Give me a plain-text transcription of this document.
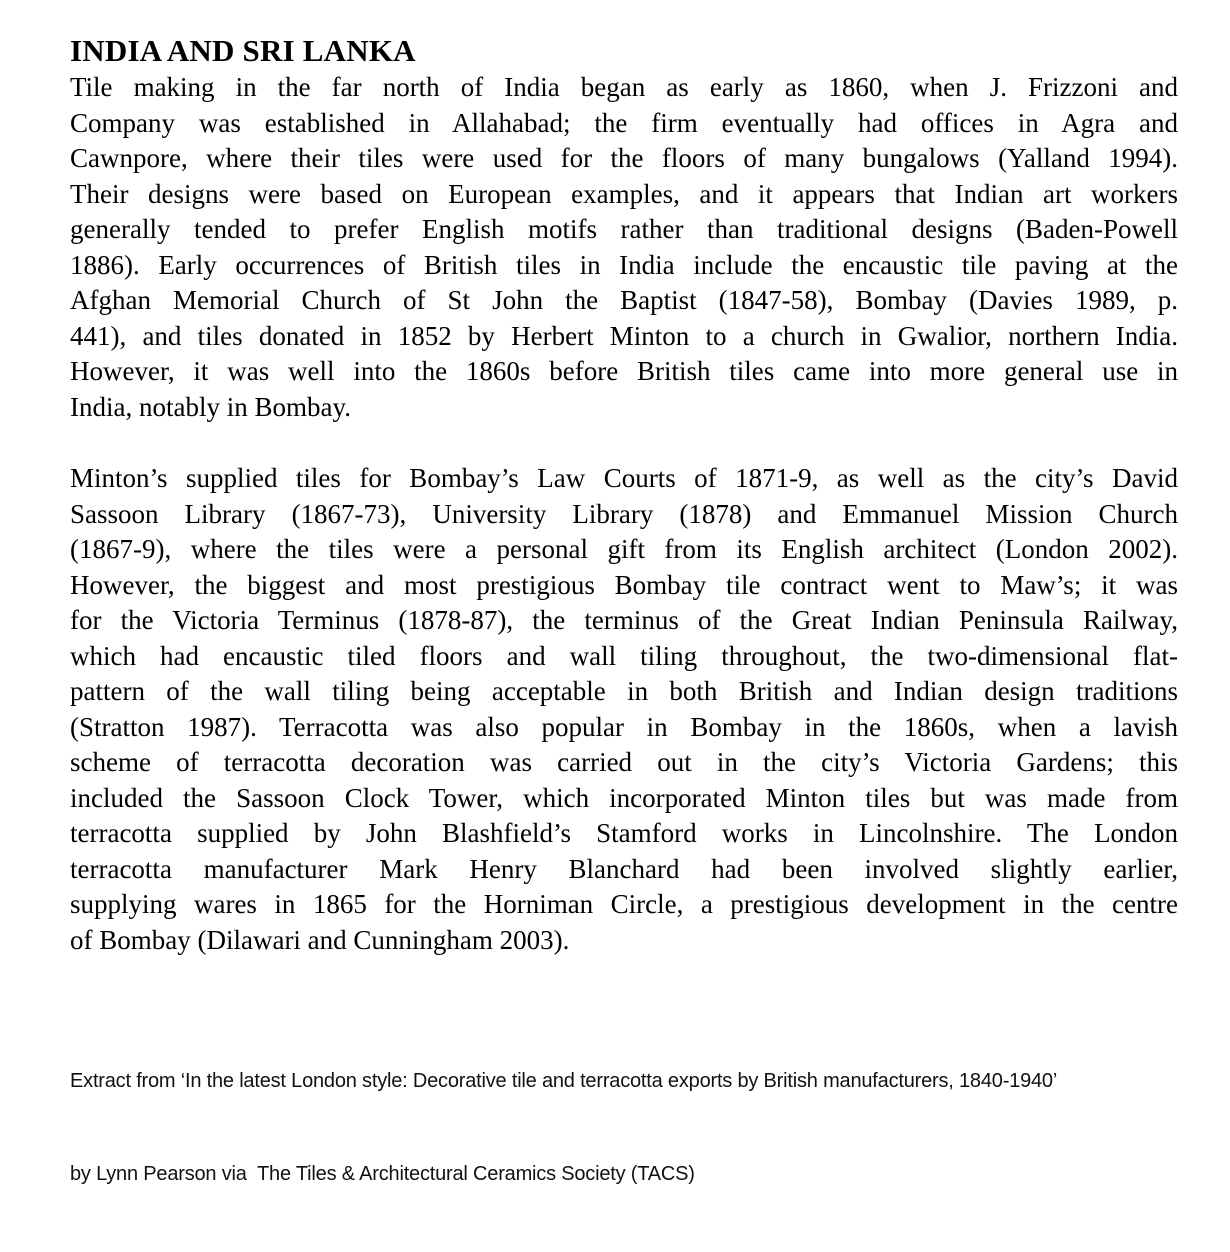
INDIA AND SRI LANKA
Tile making in the far north of India began as early as 1860, when J. Frizzoni and
Company was established in Allahabad; the firm eventually had offices in Agra and
Cawnpore, where their tiles were used for the floors of many bungalows (Yalland 1994).
Their designs were based on European examples, and it appears that Indian art workers
generally tended to prefer English motifs rather than traditional designs (Baden-Powell
1886). Early occurrences of British tiles in India include the encaustic tile paving at the
Afghan Memorial Church of St John the Baptist (1847-58), Bombay (Davies 1989, p.
441), and tiles donated in 1852 by Herbert Minton to a church in Gwalior, northern India.
However, it was well into the 1860s before British tiles came into more general use in
India, notably in Bombay.
Minton’s supplied tiles for Bombay’s Law Courts of 1871-9, as well as the city’s David
Sassoon Library (1867-73), University Library (1878) and Emmanuel Mission Church
(1867-9), where the tiles were a personal gift from its English architect (London 2002).
However, the biggest and most prestigious Bombay tile contract went to Maw’s; it was
for the Victoria Terminus (1878-87), the terminus of the Great Indian Peninsula Railway,
which had encaustic tiled floors and wall tiling throughout, the two-dimensional flat-
pattern of the wall tiling being acceptable in both British and Indian design traditions
(Stratton 1987). Terracotta was also popular in Bombay in the 1860s, when a lavish
scheme of terracotta decoration was carried out in the city’s Victoria Gardens; this
included the Sassoon Clock Tower, which incorporated Minton tiles but was made from
terracotta supplied by John Blashfield’s Stamford works in Lincolnshire. The London
terracotta manufacturer Mark Henry Blanchard had been involved slightly earlier,
supplying wares in 1865 for the Horniman Circle, a prestigious development in the centre
of Bombay (Dilawari and Cunningham 2003).

Extract from ‘In the latest London style: Decorative tile and terracotta exports by British manufacturers, 1840-1940’

by Lynn Pearson via  The Tiles & Architectural Ceramics Society (TACS)
